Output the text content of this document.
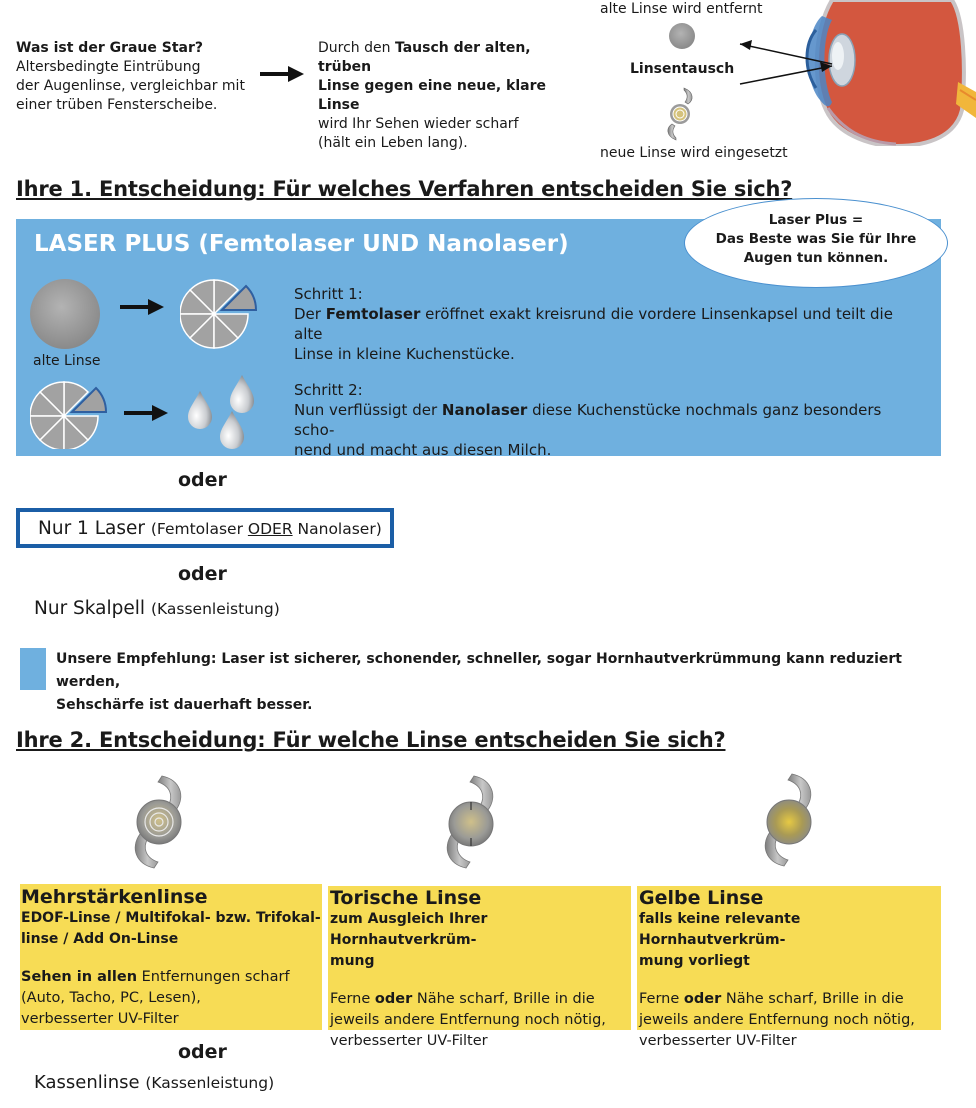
Was ist der Graue Star?
Altersbedingte Eintrübung
der Augenlinse, vergleichbar mit
einer trüben Fensterscheibe.
Durch den Tausch der alten, trüben
Linse gegen eine neue, klare Linse
wird Ihr Sehen wieder scharf
(hält ein Leben lang).
alte Linse wird entfernt
Linsentausch
neue Linse wird eingesetzt
Ihre 1. Entscheidung: Für welches Verfahren entscheiden Sie sich?
LASER PLUS (Femtolaser UND Nanolaser)
alte Linse
Schritt 1:
Der Femtolaser eröffnet exakt kreisrund die vordere Linsenkapsel und teilt die alte
Linse in kleine Kuchenstücke.
Schritt 2:
Nun verflüssigt der Nanolaser diese Kuchenstücke nochmals ganz besonders scho-
nend und macht aus diesen Milch.
Laser Plus =
Das Beste was Sie für Ihre
Augen tun können.
oder
Nur 1 Laser (Femtolaser ODER Nanolaser)
oder
Nur Skalpell (Kassenleistung)
Unsere Empfehlung: Laser ist sicherer, schonender, schneller, sogar Hornhautverkrümmung kann reduziert werden,
Sehschärfe ist dauerhaft besser.
Ihre 2. Entscheidung: Für welche Linse entscheiden Sie sich?
Mehrstärkenlinse
EDOF-Linse / Multifokal- bzw. Trifokal-
linse / Add On-Linse
Sehen in allen Entfernungen scharf
(Auto, Tacho, PC, Lesen),
verbesserter UV-Filter
Torische Linse
zum Ausgleich Ihrer Hornhautverkrüm-
mung
Ferne oder Nähe scharf, Brille in die
jeweils andere Entfernung noch nötig,
verbesserter UV-Filter
Gelbe Linse
falls keine relevante Hornhautverkrüm-
mung vorliegt
Ferne oder Nähe scharf, Brille in die
jeweils andere Entfernung noch nötig,
verbesserter UV-Filter
oder
Kassenlinse (Kassenleistung)
